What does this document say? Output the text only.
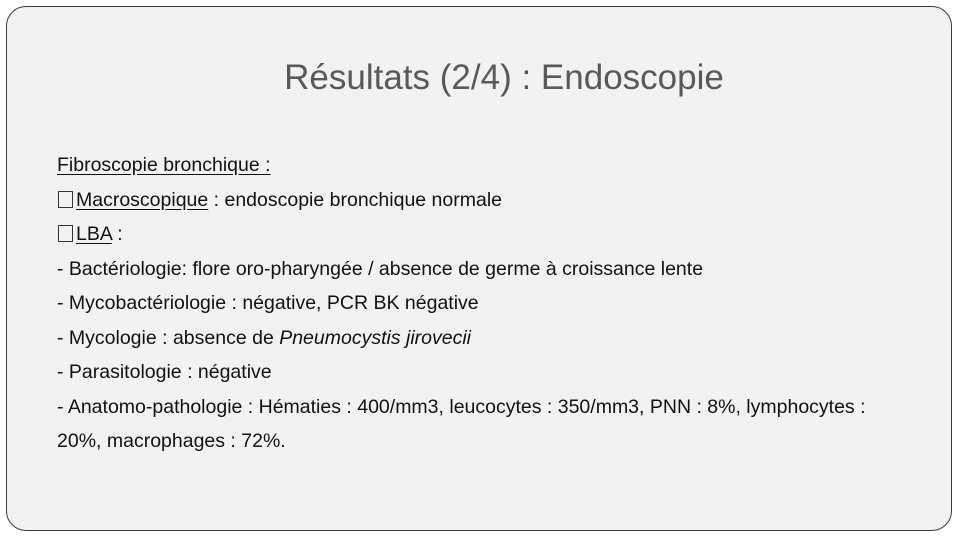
Résultats (2/4) : Endoscopie
Fibroscopie bronchique :
Macroscopique : endoscopie bronchique normale
LBA :
- Bactériologie: flore oro-pharyngée / absence de germe à croissance lente
- Mycobactériologie : négative, PCR BK négative
- Mycologie : absence de Pneumocystis jirovecii
- Parasitologie : négative
- Anatomo-pathologie : Hématies : 400/mm3, leucocytes : 350/mm3, PNN : 8%, lymphocytes : 20%, macrophages : 72%.
